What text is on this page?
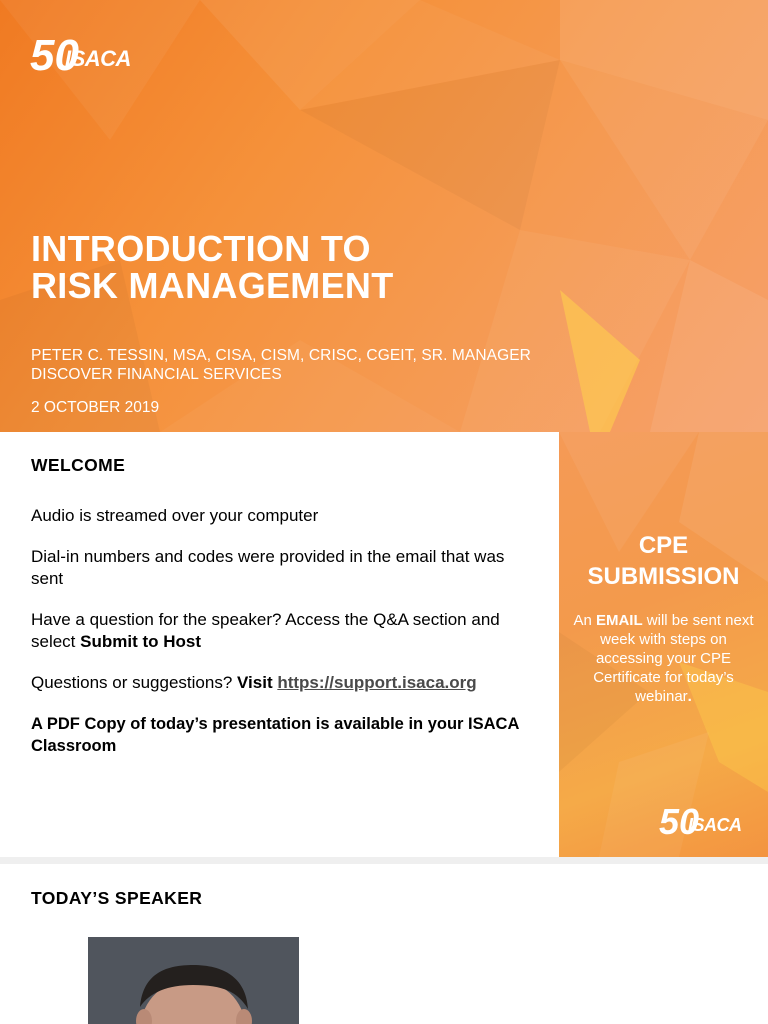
50
ISACA
INTRODUCTION TO
RISK MANAGEMENT
PETER C. TESSIN, MSA, CISA, CISM, CRISC, CGEIT, SR. MANAGER
DISCOVER FINANCIAL SERVICES
2 OCTOBER 2019
WELCOME

Audio is streamed over your computer

Dial-in numbers and codes were provided in the email that was sent

Have a question for the speaker? Access the Q&A section and select Submit to Host

Questions or suggestions? Visit https://support.isaca.org

A PDF Copy of today’s presentation is available in your ISACA Classroom

CPE
SUBMISSION
An EMAIL will be sent next week with steps on accessing your CPE Certificate for today’s webinar.
50
ISACA
TODAY’S SPEAKER
